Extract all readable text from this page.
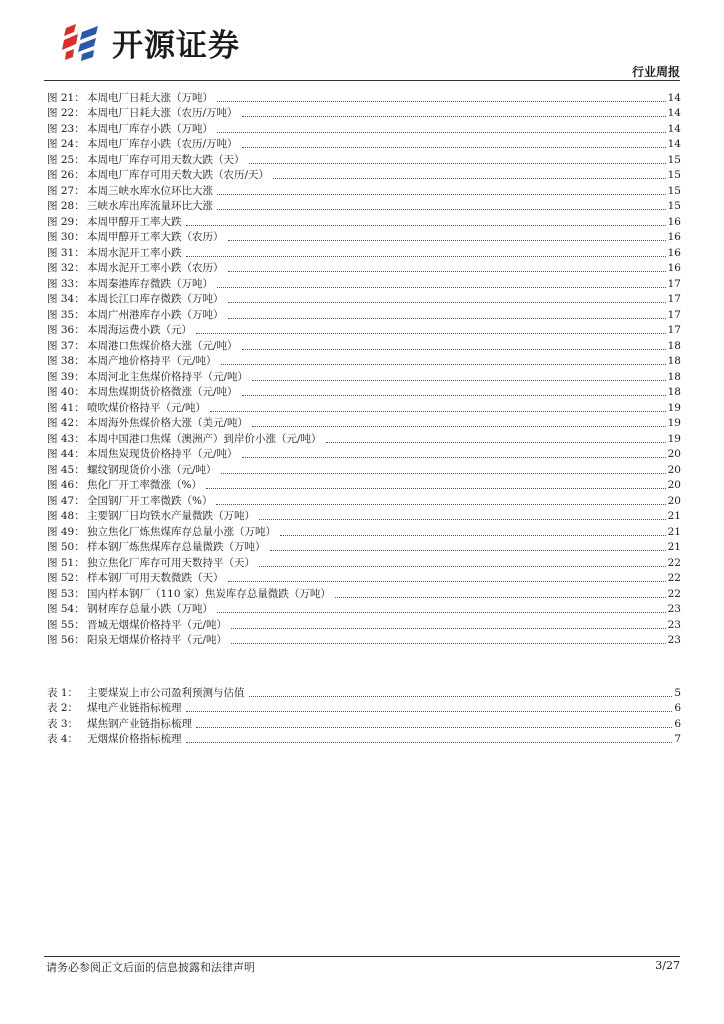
开源证券
行业周报
图 21： 本周电厂日耗大涨（万吨）	14
图 22： 本周电厂日耗大涨（农历/万吨）	14
图 23： 本周电厂库存小跌（万吨）	14
图 24： 本周电厂库存小跌（农历/万吨）	14
图 25： 本周电厂库存可用天数大跌（天）	15
图 26： 本周电厂库存可用天数大跌（农历/天）	15
图 27： 本周三峡水库水位环比大涨	15
图 28： 三峡水库出库流量环比大涨	15
图 29： 本周甲醇开工率大跌	16
图 30： 本周甲醇开工率大跌（农历）	16
图 31： 本周水泥开工率小跌	16
图 32： 本周水泥开工率小跌（农历）	16
图 33： 本周秦港库存微跌（万吨）	17
图 34： 本周长江口库存微跌（万吨）	17
图 35： 本周广州港库存小跌（万吨）	17
图 36： 本周海运费小跌（元）	17
图 37： 本周港口焦煤价格大涨（元/吨）	18
图 38： 本周产地价格持平（元/吨）	18
图 39： 本周河北主焦煤价格持平（元/吨）	18
图 40： 本周焦煤期货价格微涨（元/吨）	18
图 41： 喷吹煤价格持平（元/吨）	19
图 42： 本周海外焦煤价格大涨（美元/吨）	19
图 43： 本周中国港口焦煤（澳洲产）到岸价小涨（元/吨）	19
图 44： 本周焦炭现货价格持平（元/吨）	20
图 45： 螺纹钢现货价小涨（元/吨）	20
图 46： 焦化厂开工率微涨（%）	20
图 47： 全国钢厂开工率微跌（%）	20
图 48： 主要钢厂日均铁水产量微跌（万吨）	21
图 49： 独立焦化厂炼焦煤库存总量小涨（万吨）	21
图 50： 样本钢厂炼焦煤库存总量微跌（万吨）	21
图 51： 独立焦化厂库存可用天数持平（天）	22
图 52： 样本钢厂可用天数微跌（天）	22
图 53： 国内样本钢厂（110 家）焦炭库存总量微跌（万吨）	22
图 54： 钢材库存总量小跌（万吨）	23
图 55： 晋城无烟煤价格持平（元/吨）	23
图 56： 阳泉无烟煤价格持平（元/吨）	23
表 1： 主要煤炭上市公司盈利预测与估值	5
表 2： 煤电产业链指标梳理	6
表 3： 煤焦钢产业链指标梳理	6
表 4： 无烟煤价格指标梳理	7
请务必参阅正文后面的信息披露和法律声明	3/27
